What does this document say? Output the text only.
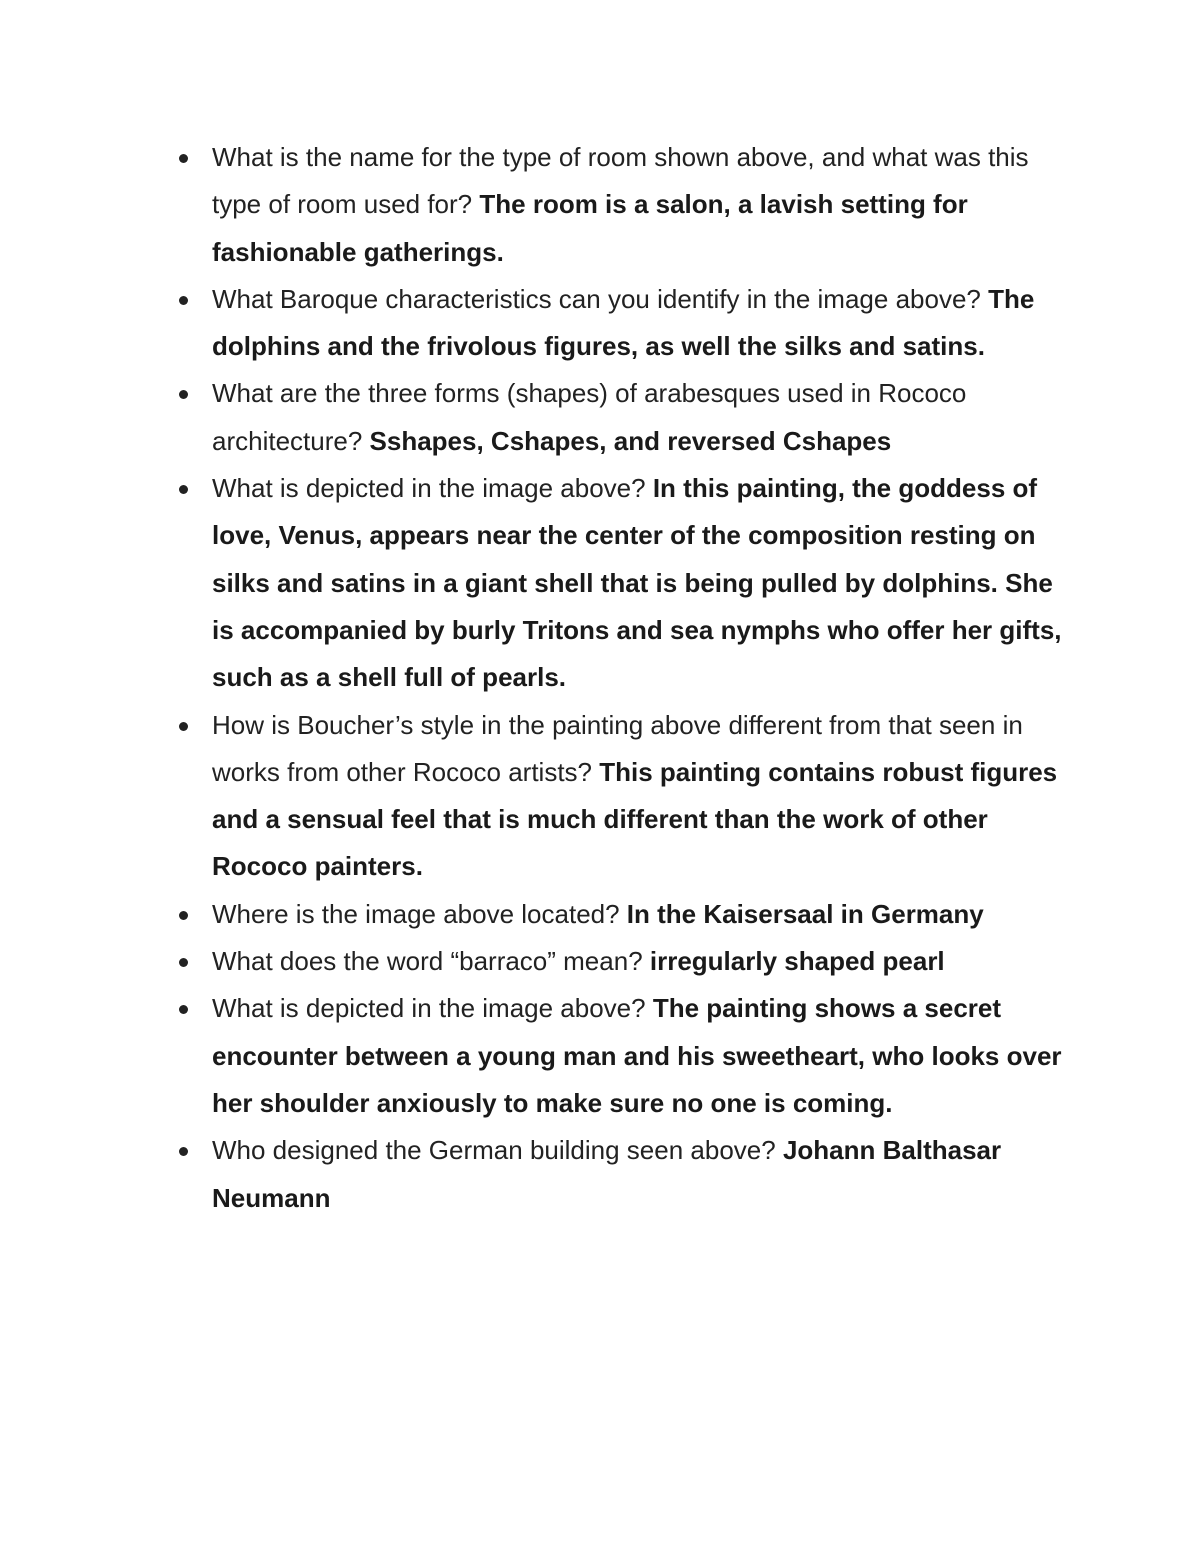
What is the name for the type of room shown above, and what was this type of room used for? The room is a salon, a lavish setting for fashionable gatherings.
What Baroque characteristics can you identify in the image above? The dolphins and the frivolous figures, as well the silks and satins.
What are the three forms (shapes) of arabesques used in Rococo architecture? Sshapes, Cshapes, and reversed Cshapes
What is depicted in the image above? In this painting, the goddess of love, Venus, appears near the center of the composition resting on silks and satins in a giant shell that is being pulled by dolphins. She is accompanied by burly Tritons and sea nymphs who offer her gifts, such as a shell full of pearls.
How is Boucher’s style in the painting above different from that seen in works from other Rococo artists? This painting contains robust figures and a sensual feel that is much different than the work of other Rococo painters.
Where is the image above located? In the Kaisersaal in Germany
What does the word “barraco” mean? irregularly shaped pearl
What is depicted in the image above? The painting shows a secret encounter between a young man and his sweetheart, who looks over her shoulder anxiously to make sure no one is coming.
Who designed the German building seen above? Johann Balthasar Neumann
